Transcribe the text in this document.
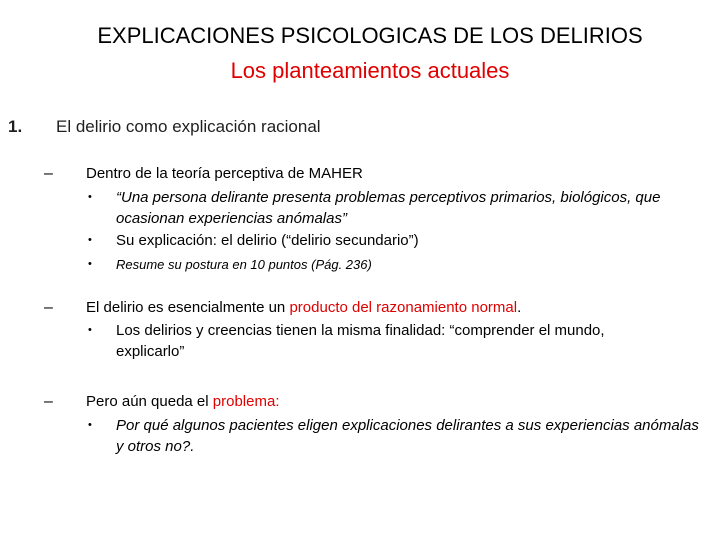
EXPLICACIONES PSICOLOGICAS DE LOS DELIRIOS
Los planteamientos actuales
1. El delirio como explicación racional
– Dentro de la teoría perceptiva de MAHER
• “Una persona delirante presenta problemas perceptivos primarios, biológicos, que ocasionan experiencias anómalas”
• Su explicación: el delirio (“delirio secundario”)
• Resume su postura en 10 puntos (Pág. 236)
– El delirio es esencialmente un producto del razonamiento normal.
• Los delirios y creencias tienen la misma finalidad: “comprender el mundo, explicarlo”
– Pero aún queda el problema:
• Por qué algunos pacientes eligen explicaciones delirantes a sus experiencias anómalas y otros no?.
